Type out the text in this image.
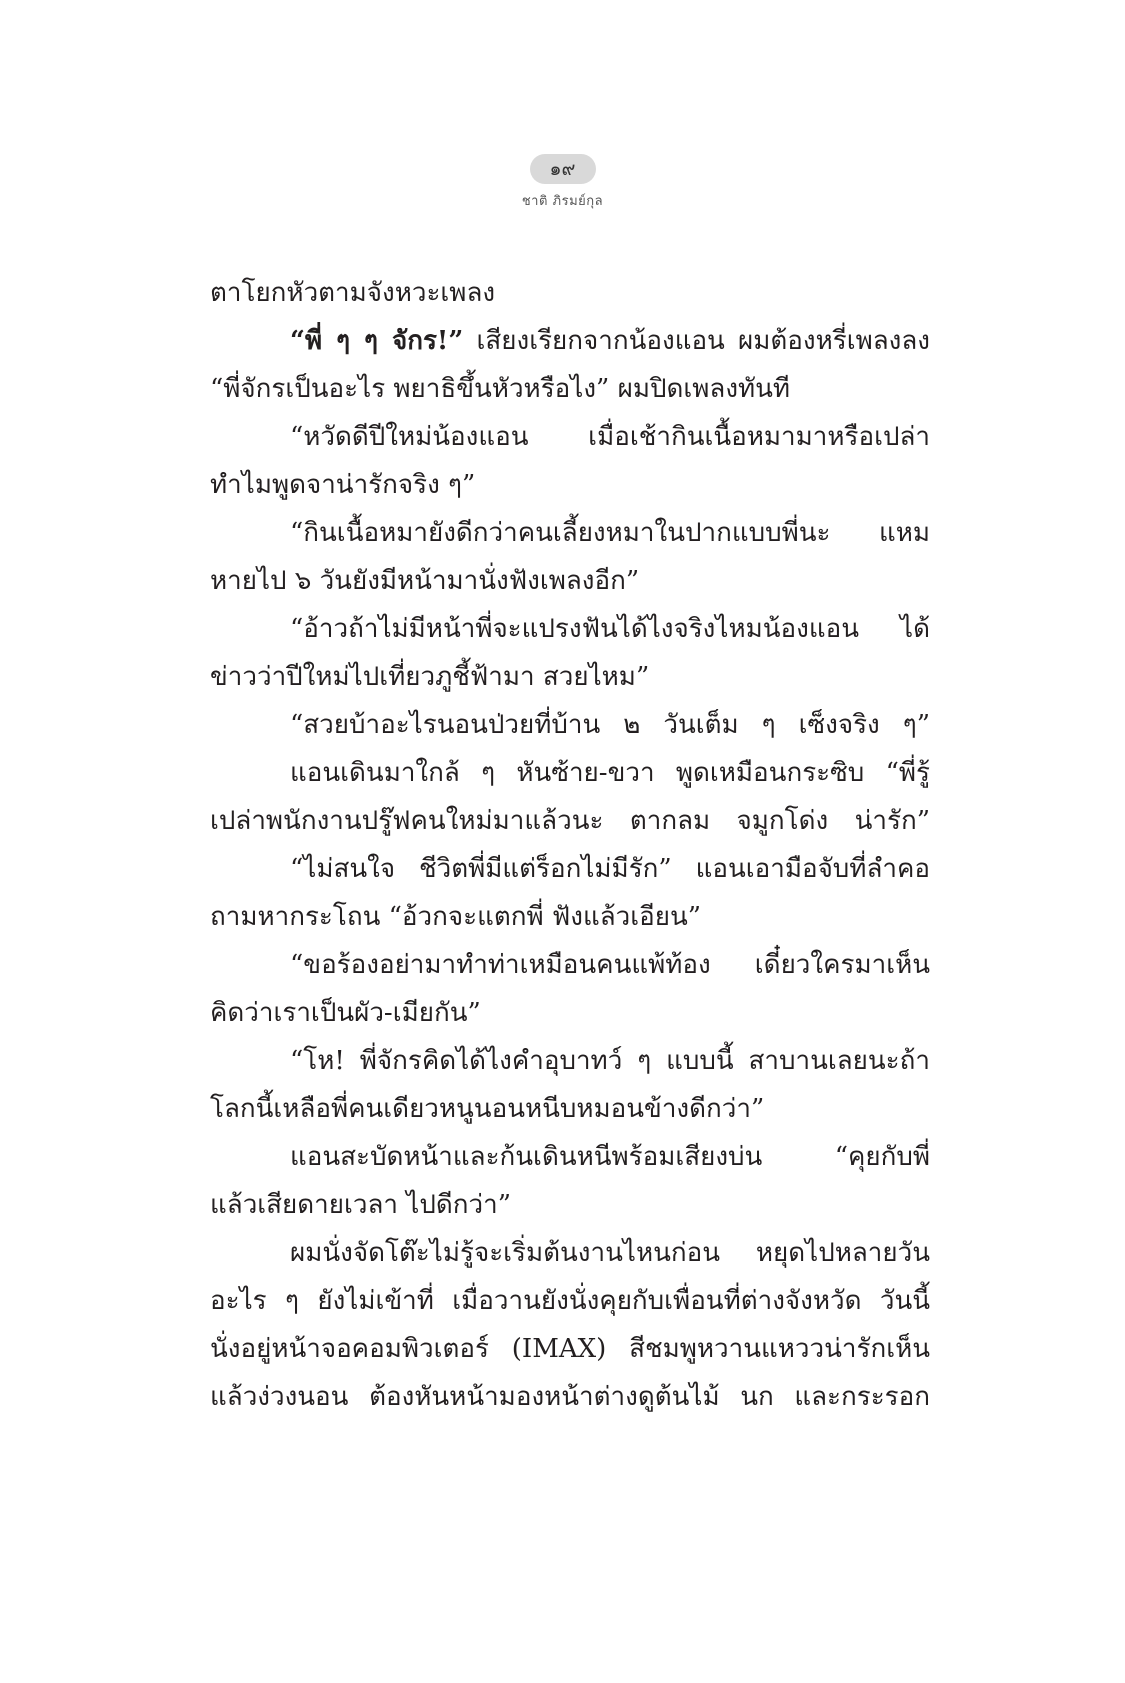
๑๙
ชาติ ภิรมย์กุล
ตาโยกหัวตามจังหวะเพลง
“พี่ ๆ ๆ จักร!” เสียงเรียกจากน้องแอน ผมต้องหรี่เพลงลง
“พี่จักรเป็นอะไร พยาธิขึ้นหัวหรือไง” ผมปิดเพลงทันที
“หวัดดีปีใหม่น้องแอน เมื่อเช้ากินเนื้อหมามาหรือเปล่า
ทำไมพูดจาน่ารักจริง ๆ”
“กินเนื้อหมายังดีกว่าคนเลี้ยงหมาในปากแบบพี่นะ แหม
หายไป ๖ วันยังมีหน้ามานั่งฟังเพลงอีก”
“อ้าวถ้าไม่มีหน้าพี่จะแปรงฟันได้ไงจริงไหมน้องแอน ได้
ข่าวว่าปีใหม่ไปเที่ยวภูชี้ฟ้ามา สวยไหม”
“สวยบ้าอะไรนอนป่วยที่บ้าน ๒ วันเต็ม ๆ เซ็งจริง ๆ”
แอนเดินมาใกล้ ๆ หันซ้าย-ขวา พูดเหมือนกระซิบ “พี่รู้
เปล่าพนักงานปรู๊ฟคนใหม่มาแล้วนะ ตากลม จมูกโด่ง น่ารัก”
“ไม่สนใจ ชีวิตพี่มีแต่ร็อกไม่มีรัก” แอนเอามือจับที่ลำคอ
ถามหากระโถน “อ้วกจะแตกพี่ ฟังแล้วเอียน”
“ขอร้องอย่ามาทำท่าเหมือนคนแพ้ท้อง เดี๋ยวใครมาเห็น
คิดว่าเราเป็นผัว-เมียกัน”
“โห! พี่จักรคิดได้ไงคำอุบาทว์ ๆ แบบนี้ สาบานเลยนะถ้า
โลกนี้เหลือพี่คนเดียวหนูนอนหนีบหมอนข้างดีกว่า”
แอนสะบัดหน้าและก้นเดินหนีพร้อมเสียงบ่น “คุยกับพี่
แล้วเสียดายเวลา ไปดีกว่า”
ผมนั่งจัดโต๊ะไม่รู้จะเริ่มต้นงานไหนก่อน หยุดไปหลายวัน
อะไร ๆ ยังไม่เข้าที่ เมื่อวานยังนั่งคุยกับเพื่อนที่ต่างจังหวัด วันนี้
นั่งอยู่หน้าจอคอมพิวเตอร์ (IMAX) สีชมพูหวานแหววน่ารักเห็น
แล้วง่วงนอน ต้องหันหน้ามองหน้าต่างดูต้นไม้ นก และกระรอก
